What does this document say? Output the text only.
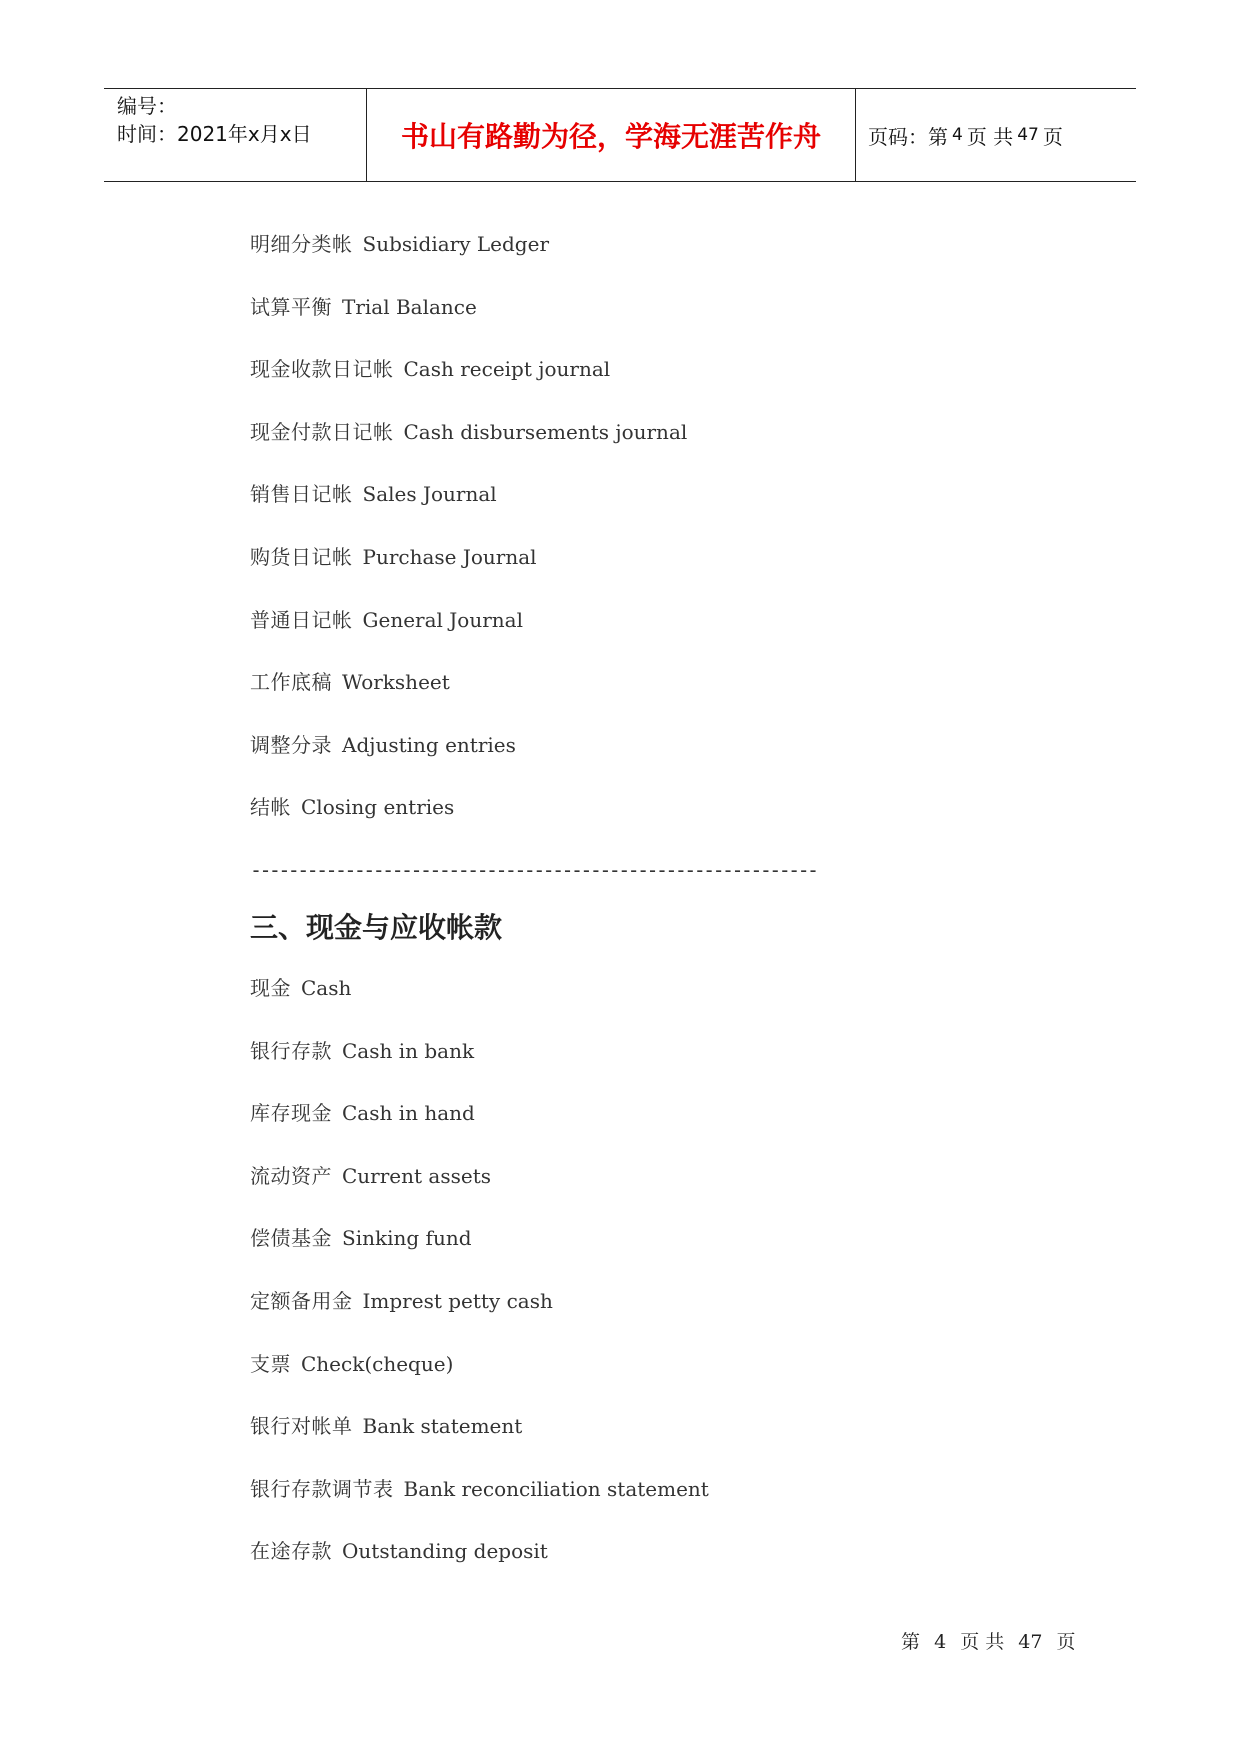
编号：
时间：2021年x月x日	书山有路勤为径，学海无涯苦作舟	页码：第 4 页 共 47 页
明细分类帐 Subsidiary Ledger
试算平衡 Trial Balance
现金收款日记帐 Cash receipt journal
现金付款日记帐 Cash disbursements journal
销售日记帐 Sales Journal
购货日记帐 Purchase Journal
普通日记帐 General Journal
工作底稿 Worksheet
调整分录 Adjusting entries
结帐 Closing entries
------------------------------------------------------------
三、现金与应收帐款
现金 Cash
银行存款 Cash in bank
库存现金 Cash in hand
流动资产 Current assets
偿债基金 Sinking fund
定额备用金 Imprest petty cash
支票 Check(cheque)
银行对帐单 Bank statement
银行存款调节表 Bank reconciliation statement
在途存款 Outstanding deposit
第 4 页 共 47 页
